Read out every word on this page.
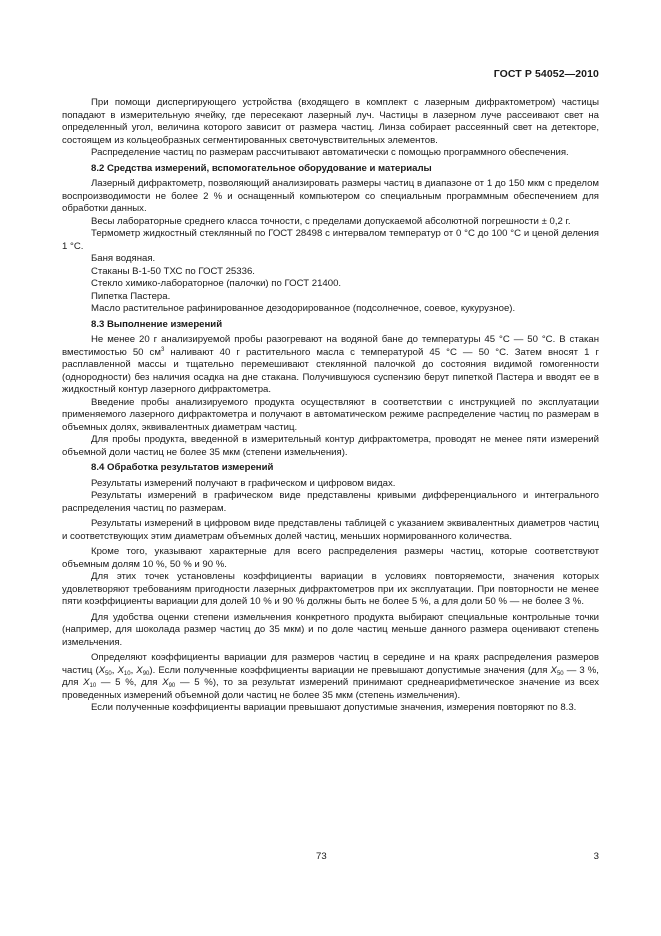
ГОСТ Р 54052—2010

При помощи диспергирующего устройства (входящего в комплект с лазерным дифрактометром) частицы попадают в измерительную ячейку, где пересекают лазерный луч. Частицы в лазерном луче рассеивают свет на определенный угол, величина которого зависит от размера частиц. Линза собирает рассеянный свет на детекторе, состоящем из кольцеобразных сегментированных светочувствительных элементов.

Распределение частиц по размерам рассчитывают автоматически с помощью программного обеспечения.

8.2 Средства измерений, вспомогательное оборудование и материалы

Лазерный дифрактометр, позволяющий анализировать размеры частиц в диапазоне от 1 до 150 мкм с пределом воспроизводимости не более 2 % и оснащенный компьютером со специальным программным обеспечением для обработки данных.

Весы лабораторные среднего класса точности, с пределами допускаемой абсолютной погрешности ± 0,2 г.

Термометр жидкостный стеклянный по ГОСТ 28498 с интервалом температур от 0 °С до 100 °С и ценой деления 1 °С.

Баня водяная.

Стаканы В-1-50 ТХС по ГОСТ 25336.

Стекло химико-лабораторное (палочки) по ГОСТ 21400.

Пипетка Пастера.

Масло растительное рафинированное дезодорированное (подсолнечное, соевое, кукурузное).

8.3 Выполнение измерений

Не менее 20 г анализируемой пробы разогревают на водяной бане до температуры 45 °С — 50 °С. В стакан вместимостью 50 $см^3$ наливают 40 г растительного масла с температурой 45 °С — 50 °С. Затем вносят 1 г расплавленной массы и тщательно перемешивают стеклянной палочкой до состояния видимой гомогенности (однородности) без наличия осадка на дне стакана. Получившуюся суспензию берут пипеткой Пастера и вводят ее в жидкостный контур лазерного дифрактометра.

Введение пробы анализируемого продукта осуществляют в соответствии с инструкцией по эксплуатации применяемого лазерного дифрактометра и получают в автоматическом режиме распределение частиц по размерам в объемных долях, эквивалентных диаметрам частиц.

Для пробы продукта, введенной в измерительный контур дифрактометра, проводят не менее пяти измерений объемной доли частиц не более 35 мкм (степени измельчения).

8.4 Обработка результатов измерений

Результаты измерений получают в графическом и цифровом видах.

Результаты измерений в графическом виде представлены кривыми дифференциального и интегрального распределения частиц по размерам.

Результаты измерений в цифровом виде представлены таблицей с указанием эквивалентных диаметров частиц и соответствующих этим диаметрам объемных долей частиц, меньших нормированного количества.

Кроме того, указывают характерные для всего распределения размеры частиц, которые соответствуют объемным долям 10 %, 50 % и 90 %.

Для этих точек установлены коэффициенты вариации в условиях повторяемости, значения которых удовлетворяют требованиям пригодности лазерных дифрактометров при их эксплуатации. При повторности не менее пяти коэффициенты вариации для долей 10 % и 90 % должны быть не более 5 %, а для доли 50 % — не более 3 %.

Для удобства оценки степени измельчения конкретного продукта выбирают специальные контрольные точки (например, для шоколада размер частиц до 35 мкм) и по доле частиц меньше данного размера оценивают степень измельчения.

Определяют коэффициенты вариации для размеров частиц в середине и на краях распределения размеров частиц ($X_{50}$, $X_{10}$, $X_{90}$). Если полученные коэффициенты вариации не превышают допустимые значения (для $X_{50}$ — 3 %, для $X_{10}$ — 5 %, для $X_{90}$ — 5 %), то за результат измерений принимают среднеарифметическое значение из всех проведенных измерений объемной доли частиц не более 35 мкм (степень измельчения).

Если полученные коэффициенты вариации превышают допустимые значения, измерения повторяют по 8.3.

73	3
